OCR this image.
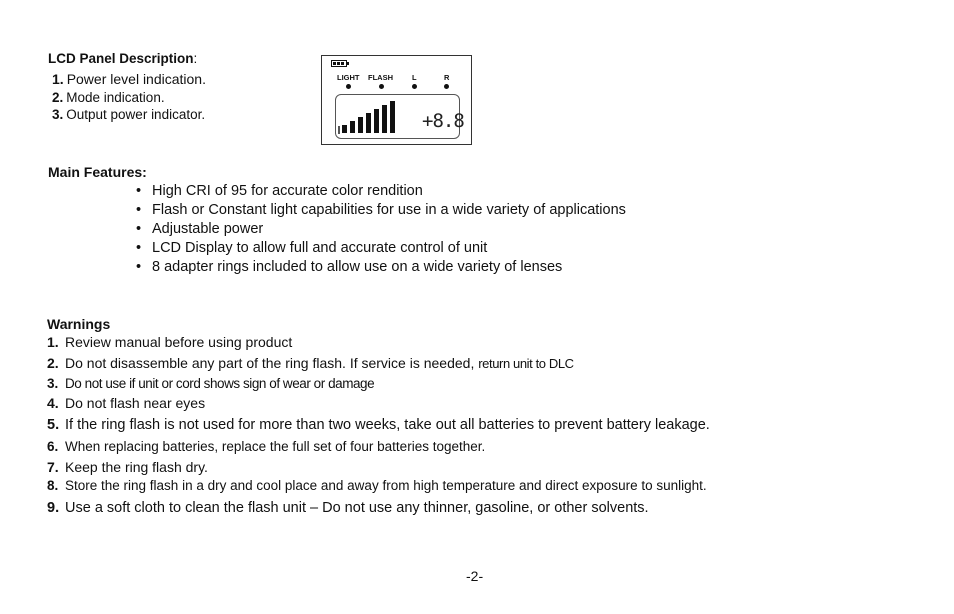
LCD Panel Description:
1. Power level indication.
2. Mode indication.
3. Output power indicator.
LIGHT FLASH	L	R
+8.8
Main Features:
• High CRI of 95 for accurate color rendition
• Flash or Constant light capabilities for use in a wide variety of applications
• Adjustable power
• LCD Display to allow full and accurate control of unit
• 8 adapter rings included to allow use on a wide variety of lenses
Warnings
1. Review manual before using product
2. Do not disassemble any part of the ring flash. If service is needed, return unit to DLC
3. Do not use if unit or cord shows sign of wear or damage
4. Do not flash near eyes
5. If the ring flash is not used for more than two weeks, take out all batteries to prevent battery leakage.
6. When replacing batteries, replace the full set of four batteries together.
7. Keep the ring flash dry.
8. Store the ring flash in a dry and cool place and away from high temperature and direct exposure to sunlight.
9. Use a soft cloth to clean the flash unit – Do not use any thinner, gasoline, or other solvents.
-2-
